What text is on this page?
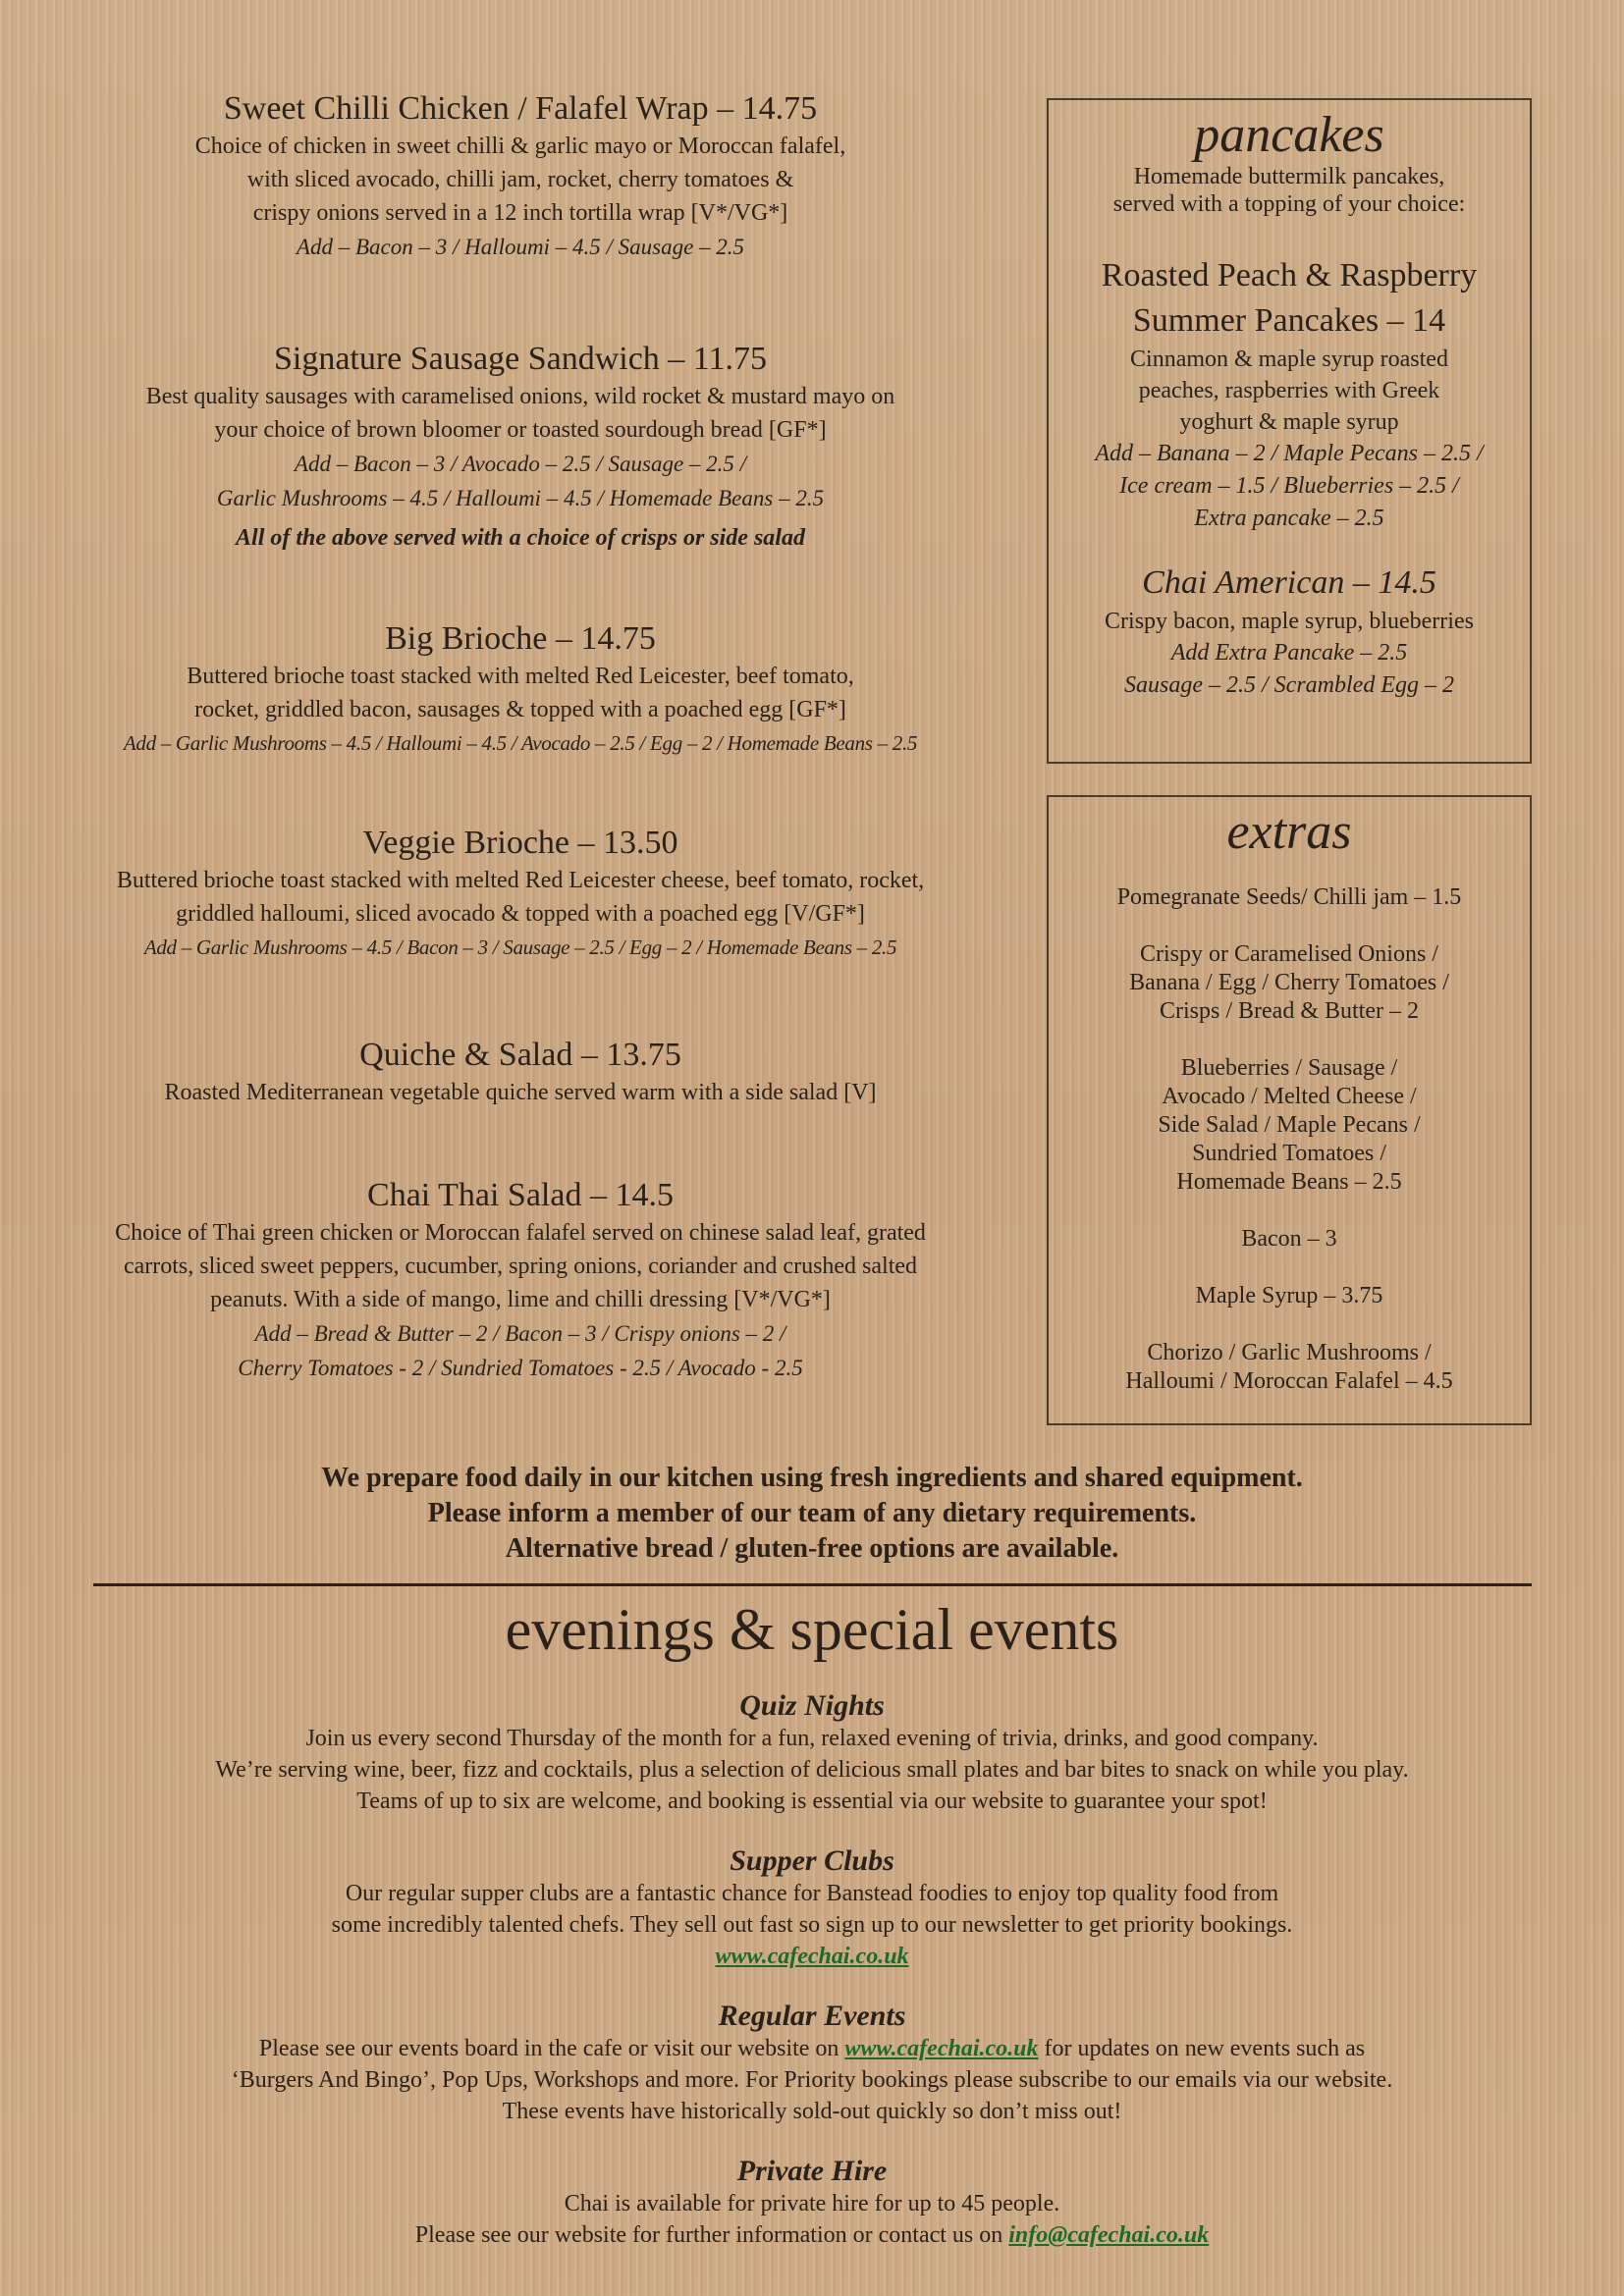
Sweet Chilli Chicken / Falafel Wrap – 14.75
Choice of chicken in sweet chilli & garlic mayo or Moroccan falafel,
with sliced avocado, chilli jam, rocket, cherry tomatoes &
crispy onions served in a 12 inch tortilla wrap [V*/VG*]
Add – Bacon – 3 / Halloumi – 4.5 / Sausage – 2.5
Signature Sausage Sandwich – 11.75
Best quality sausages with caramelised onions, wild rocket & mustard mayo on
your choice of brown bloomer or toasted sourdough bread [GF*]
Add – Bacon – 3 / Avocado – 2.5 / Sausage – 2.5 /
Garlic Mushrooms – 4.5 / Halloumi – 4.5 / Homemade Beans – 2.5
All of the above served with a choice of crisps or side salad
Big Brioche – 14.75
Buttered brioche toast stacked with melted Red Leicester, beef tomato,
rocket, griddled bacon, sausages & topped with a poached egg [GF*]
Add – Garlic Mushrooms – 4.5 / Halloumi – 4.5 / Avocado – 2.5 / Egg – 2 / Homemade Beans – 2.5
Veggie Brioche – 13.50
Buttered brioche toast stacked with melted Red Leicester cheese, beef tomato, rocket,
griddled halloumi, sliced avocado & topped with a poached egg [V/GF*]
Add – Garlic Mushrooms – 4.5 / Bacon – 3 / Sausage – 2.5 / Egg – 2 / Homemade Beans – 2.5
Quiche & Salad – 13.75
Roasted Mediterranean vegetable quiche served warm with a side salad [V]
Chai Thai Salad – 14.5
Choice of Thai green chicken or Moroccan falafel served on chinese salad leaf, grated
carrots, sliced sweet peppers, cucumber, spring onions, coriander and crushed salted
peanuts. With a side of mango, lime and chilli dressing [V*/VG*]
Add – Bread & Butter – 2 / Bacon – 3 / Crispy onions – 2 /
Cherry Tomatoes - 2 / Sundried Tomatoes - 2.5 / Avocado - 2.5
pancakes
Homemade buttermilk pancakes,
served with a topping of your choice:
Roasted Peach & Raspberry
Summer Pancakes – 14
Cinnamon & maple syrup roasted
peaches, raspberries with Greek
yoghurt & maple syrup
Add – Banana – 2 / Maple Pecans – 2.5 /
Ice cream – 1.5 / Blueberries – 2.5 /
Extra pancake – 2.5
Chai American – 14.5
Crispy bacon, maple syrup, blueberries
Add Extra Pancake – 2.5
Sausage – 2.5 / Scrambled Egg – 2
extras
Pomegranate Seeds/ Chilli jam – 1.5
Crispy or Caramelised Onions /
Banana / Egg / Cherry Tomatoes /
Crisps / Bread & Butter – 2
Blueberries / Sausage /
Avocado / Melted Cheese /
Side Salad / Maple Pecans /
Sundried Tomatoes /
Homemade Beans – 2.5
Bacon – 3
Maple Syrup – 3.75
Chorizo / Garlic Mushrooms /
Halloumi / Moroccan Falafel – 4.5
We prepare food daily in our kitchen using fresh ingredients and shared equipment.
Please inform a member of our team of any dietary requirements.
Alternative bread / gluten-free options are available.
evenings & special events
Quiz Nights
Join us every second Thursday of the month for a fun, relaxed evening of trivia, drinks, and good company.
We’re serving wine, beer, fizz and cocktails, plus a selection of delicious small plates and bar bites to snack on while you play.
Teams of up to six are welcome, and booking is essential via our website to guarantee your spot!
Supper Clubs
Our regular supper clubs are a fantastic chance for Banstead foodies to enjoy top quality food from
some incredibly talented chefs. They sell out fast so sign up to our newsletter to get priority bookings.
www.cafechai.co.uk
Regular Events
Please see our events board in the cafe or visit our website on www.cafechai.co.uk for updates on new events such as
‘Burgers And Bingo’, Pop Ups, Workshops and more. For Priority bookings please subscribe to our emails via our website.
These events have historically sold-out quickly so don’t miss out!
Private Hire
Chai is available for private hire for up to 45 people.
Please see our website for further information or contact us on info@cafechai.co.uk
